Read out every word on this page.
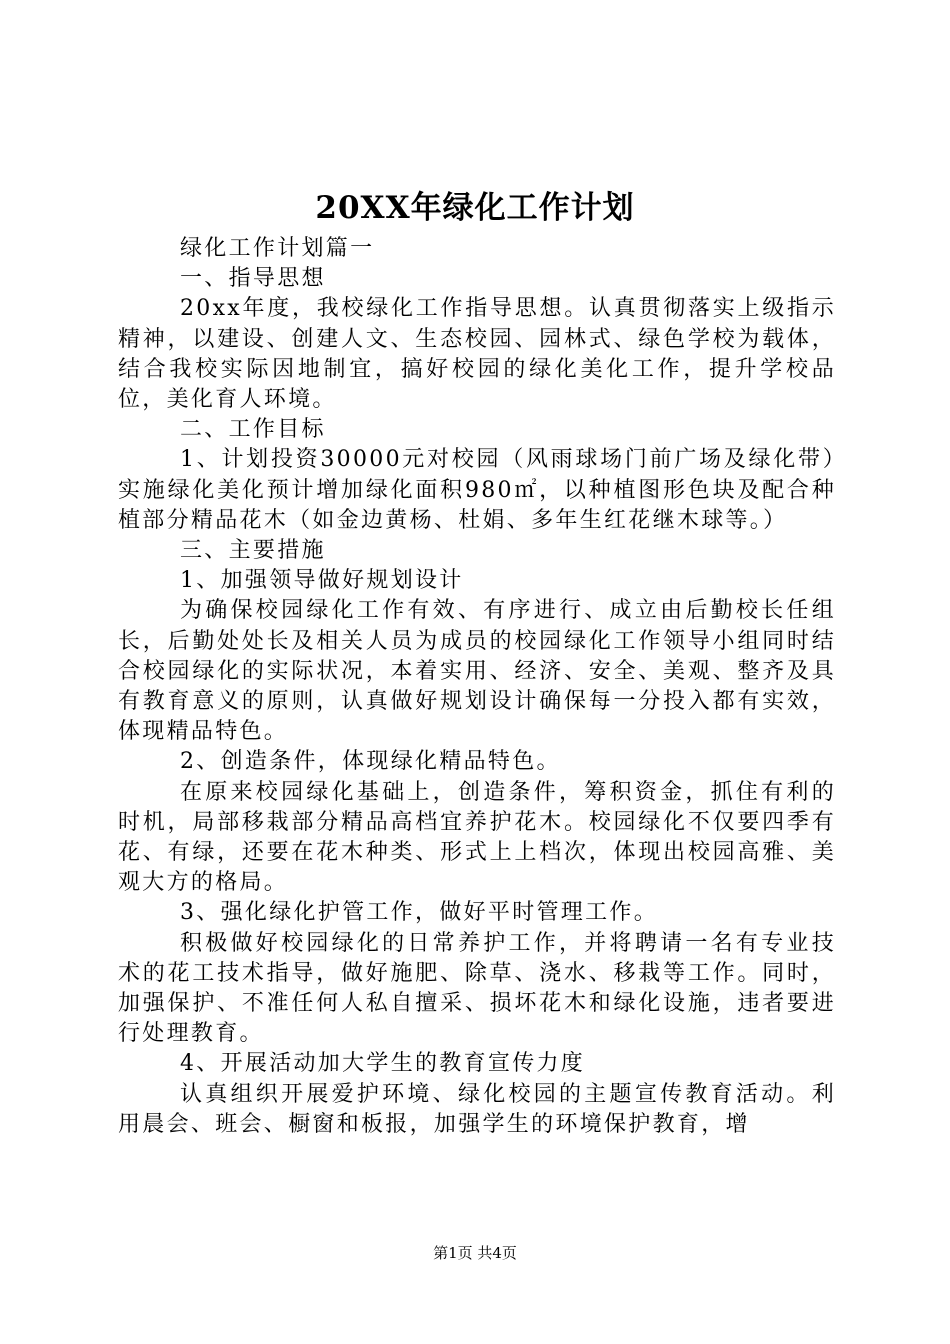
20XX年绿化工作计划

绿化工作计划篇一

一、指导思想

20xx年度，我校绿化工作指导思想。认真贯彻落实上级指示精神，以建设、创建人文、生态校园、园林式、绿色学校为载体，结合我校实际因地制宜，搞好校园的绿化美化工作，提升学校品位，美化育人环境。

二、工作目标

1、计划投资30000元对校园（风雨球场门前广场及绿化带）实施绿化美化预计增加绿化面积980㎡，以种植图形色块及配合种植部分精品花木（如金边黄杨、杜娟、多年生红花继木球等。）

三、主要措施

1、加强领导做好规划设计

为确保校园绿化工作有效、有序进行、成立由后勤校长任组长，后勤处处长及相关人员为成员的校园绿化工作领导小组同时结合校园绿化的实际状况，本着实用、经济、安全、美观、整齐及具有教育意义的原则，认真做好规划设计确保每一分投入都有实效，体现精品特色。

2、创造条件，体现绿化精品特色。

在原来校园绿化基础上，创造条件，筹积资金，抓住有利的时机，局部移栽部分精品高档宜养护花木。校园绿化不仅要四季有花、有绿，还要在花木种类、形式上上档次，体现出校园高雅、美观大方的格局。

3、强化绿化护管工作，做好平时管理工作。

积极做好校园绿化的日常养护工作，并将聘请一名有专业技术的花工技术指导，做好施肥、除草、浇水、移栽等工作。同时，加强保护、不准任何人私自擅采、损坏花木和绿化设施，违者要进行处理教育。

4、开展活动加大学生的教育宣传力度

认真组织开展爱护环境、绿化校园的主题宣传教育活动。利用晨会、班会、橱窗和板报，加强学生的环境保护教育，增

第1页 共4页
